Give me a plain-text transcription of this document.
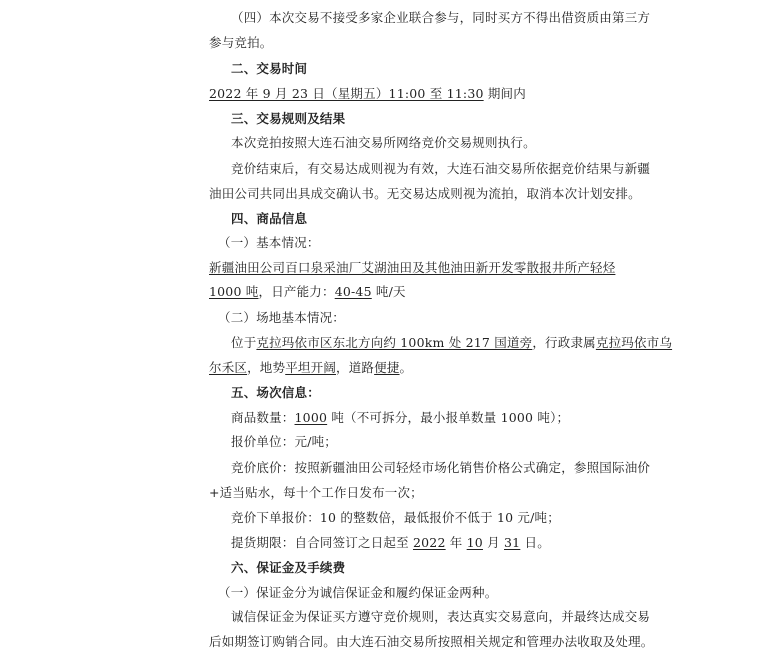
（四）本次交易不接受多家企业联合参与，同时买方不得出借资质由第三方
参与竞拍。
二、交易时间
2022 年 9 月 23 日（星期五）11:00 至 11:30 期间内
三、交易规则及结果
本次竞拍按照大连石油交易所网络竞价交易规则执行。
竞价结束后，有交易达成则视为有效，大连石油交易所依据竞价结果与新疆
油田公司共同出具成交确认书。无交易达成则视为流拍，取消本次计划安排。
四、商品信息
（一）基本情况：
新疆油田公司百口泉采油厂艾湖油田及其他油田新开发零散报井所产轻烃
1000 吨，日产能力：40-45 吨/天
（二）场地基本情况：
位于克拉玛依市区东北方向约 100km 处 217 国道旁，行政隶属克拉玛依市乌
尔禾区，地势平坦开阔，道路便捷。
五、场次信息：
商品数量：1000 吨（不可拆分，最小报单数量 1000 吨）；
报价单位：元/吨；
竞价底价：按照新疆油田公司轻烃市场化销售价格公式确定，参照国际油价
+适当贴水，每十个工作日发布一次；
竞价下单报价：10 的整数倍，最低报价不低于 10 元/吨；
提货期限：自合同签订之日起至 2022 年 10 月 31 日。
六、保证金及手续费
（一）保证金分为诚信保证金和履约保证金两种。
诚信保证金为保证买方遵守竞价规则，表达真实交易意向，并最终达成交易
后如期签订购销合同。由大连石油交易所按照相关规定和管理办法收取及处理。
